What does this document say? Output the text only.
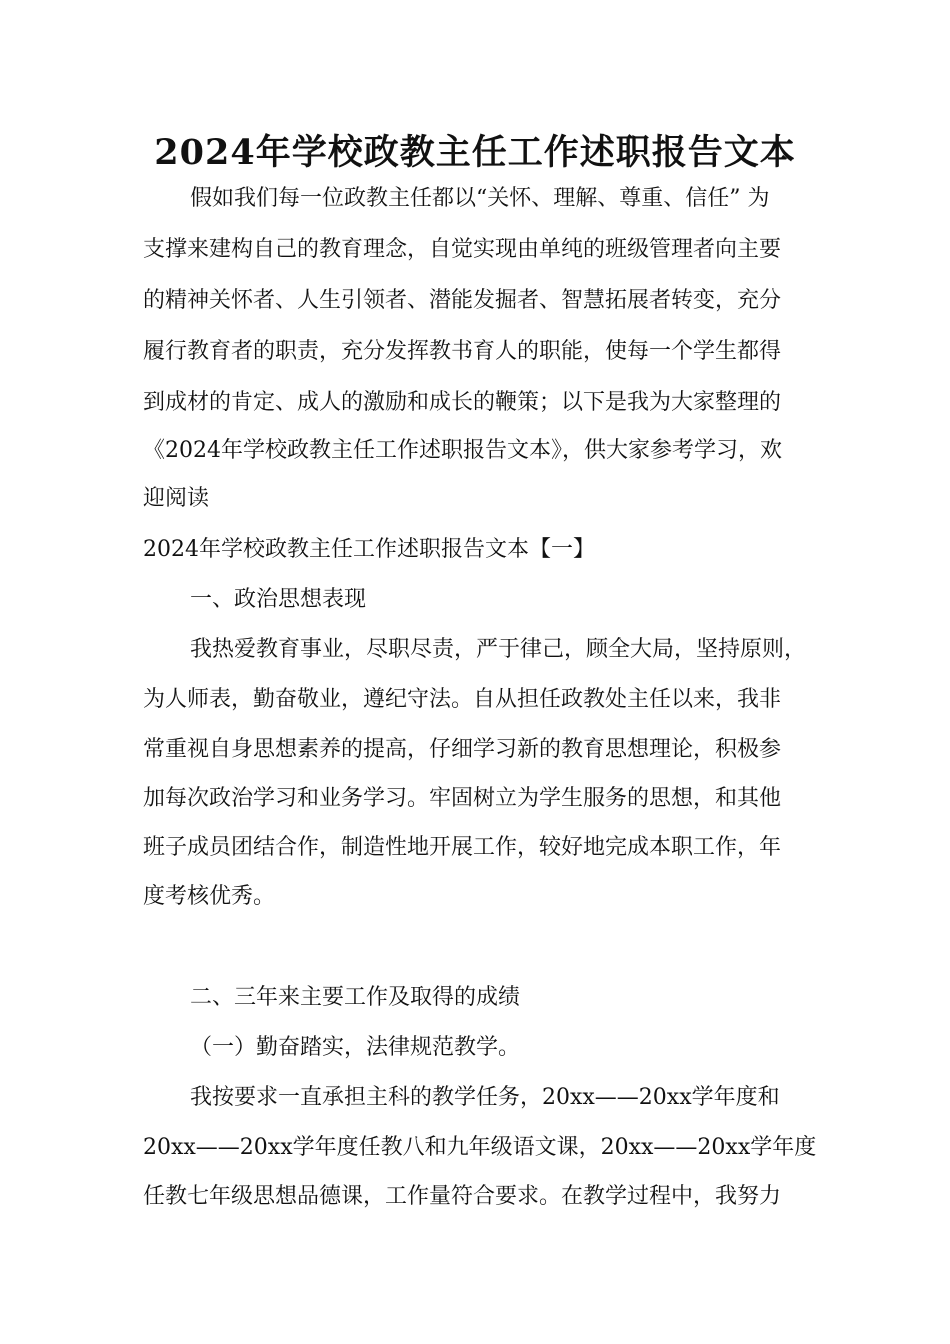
2024年学校政教主任工作述职报告文本
假如我们每一位政教主任都以“关怀、理解、尊重、信任” 为
支撑来建构自己的教育理念，自觉实现由单纯的班级管理者向主要
的精神关怀者、人生引领者、潜能发掘者、智慧拓展者转变，充分
履行教育者的职责，充分发挥教书育人的职能，使每一个学生都得
到成材的肯定、成人的激励和成长的鞭策；以下是我为大家整理的
《2024年学校政教主任工作述职报告文本》，供大家参考学习，欢
迎阅读
2024年学校政教主任工作述职报告文本【一】
一、政治思想表现
我热爱教育事业，尽职尽责，严于律己，顾全大局，坚持原则，
为人师表，勤奋敬业，遵纪守法。自从担任政教处主任以来，我非
常重视自身思想素养的提高，仔细学习新的教育思想理论，积极参
加每次政治学习和业务学习。牢固树立为学生服务的思想，和其他
班子成员团结合作，制造性地开展工作，较好地完成本职工作，年
度考核优秀。
二、三年来主要工作及取得的成绩
（一）勤奋踏实，法律规范教学。
我按要求一直承担主科的教学任务，20xx——20xx学年度和
20xx——20xx学年度任教八和九年级语文课，20xx——20xx学年度
任教七年级思想品德课，工作量符合要求。在教学过程中，我努力
